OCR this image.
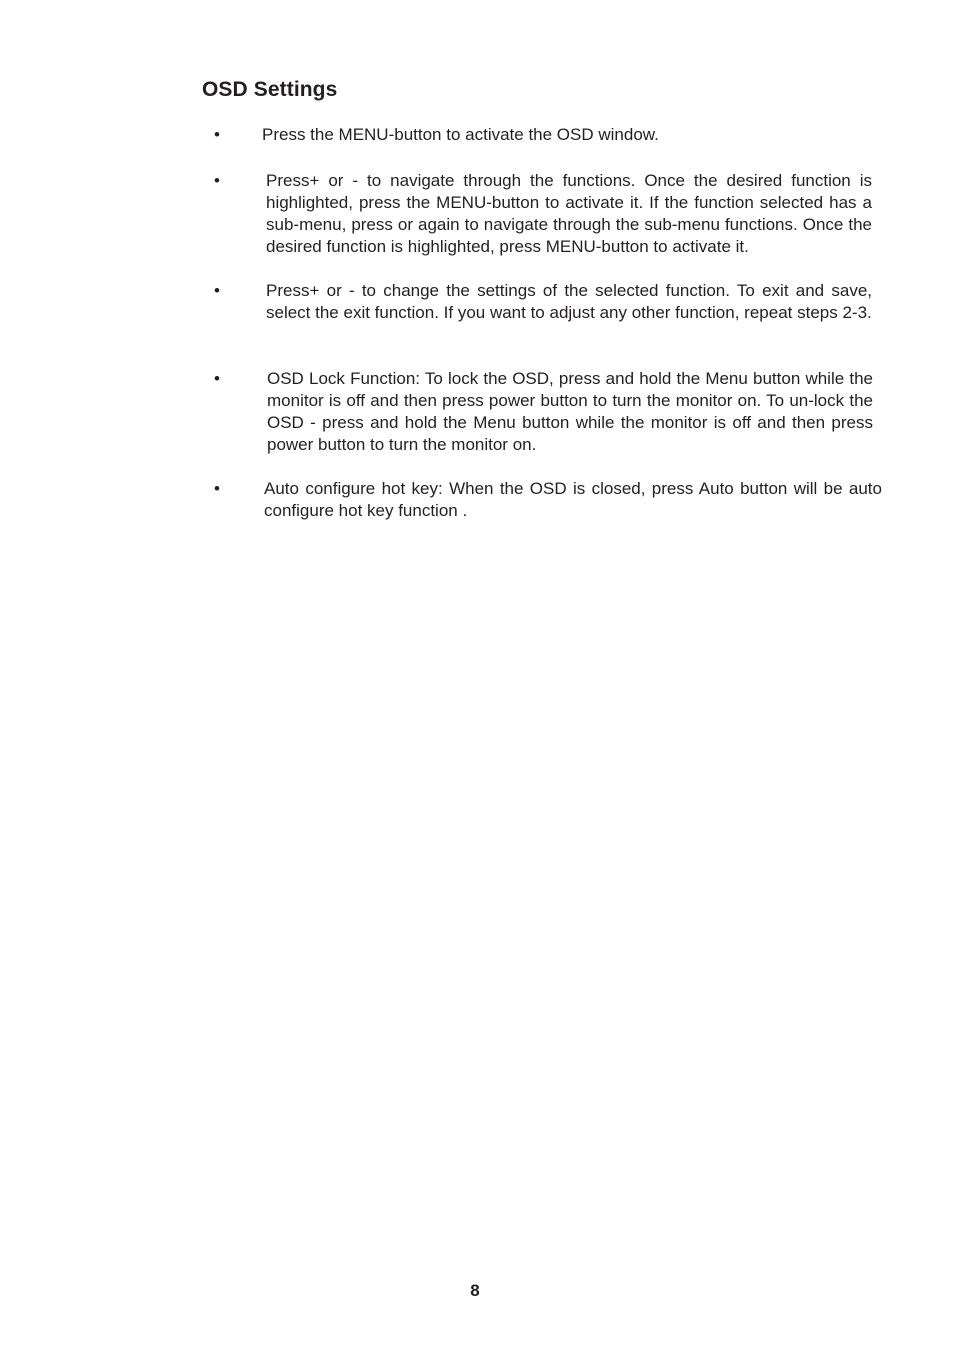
OSD Settings
•	Press the MENU-button to activate the OSD window.
•	Press+ or - to navigate through the functions. Once the desired function is highlighted, press the MENU-button to activate it. If the function selected has a sub-menu, press or again to navigate through the sub-menu functions. Once the desired function is highlighted, press MENU-button to activate it.
•	Press+ or - to change the settings of the selected function. To exit and save, select the exit function. If you want to adjust any other function, repeat steps 2-3.
•	OSD Lock Function: To lock the OSD, press and hold the Menu button while the monitor is off and then press power button to turn the monitor on. To un-lock the OSD - press and hold the Menu button while the monitor is off and then press power button to turn the monitor on.
•	Auto configure hot key: When the OSD is closed, press Auto button will be auto configure hot key function .
8
